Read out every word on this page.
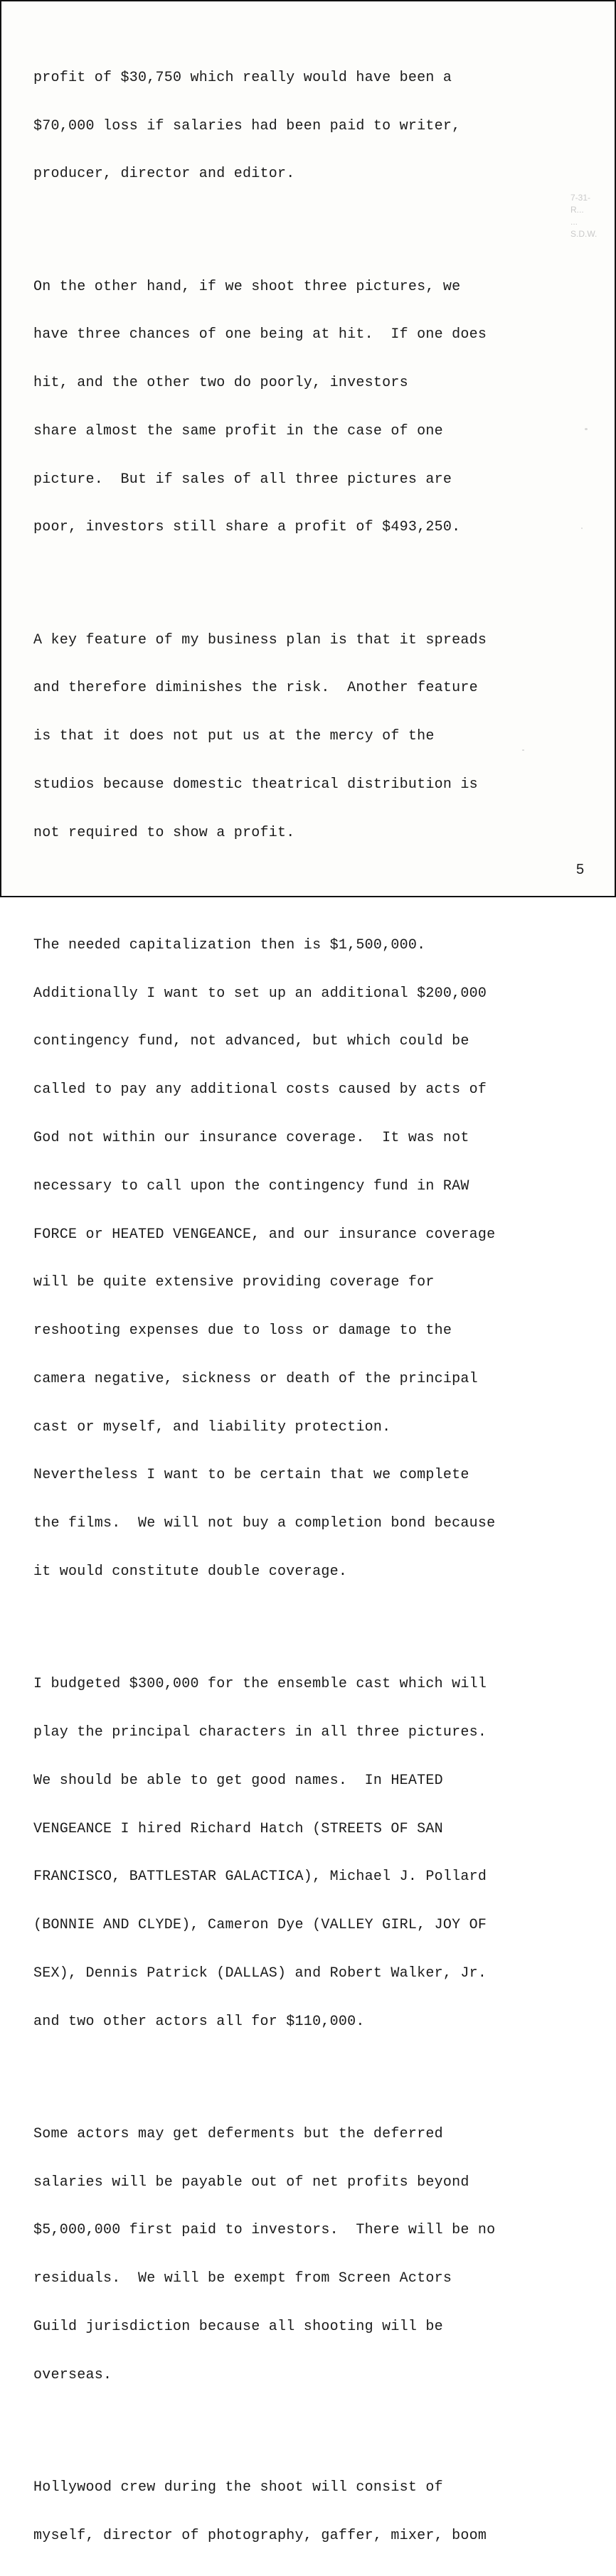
profit of $30,750 which really would have been a

$70,000 loss if salaries had been paid to writer,

producer, director and editor.

On the other hand, if we shoot three pictures, we

have three chances of one being at hit.  If one does

hit, and the other two do poorly, investors

share almost the same profit in the case of one

picture.  But if sales of all three pictures are

poor, investors still share a profit of $493,250.

A key feature of my business plan is that it spreads

and therefore diminishes the risk.  Another feature

is that it does not put us at the mercy of the

studios because domestic theatrical distribution is

not required to show a profit.

The needed capitalization then is $1,500,000.

Additionally I want to set up an additional $200,000

contingency fund, not advanced, but which could be

called to pay any additional costs caused by acts of

God not within our insurance coverage.  It was not

necessary to call upon the contingency fund in RAW

FORCE or HEATED VENGEANCE, and our insurance coverage

will be quite extensive providing coverage for

reshooting expenses due to loss or damage to the

camera negative, sickness or death of the principal

cast or myself, and liability protection.

Nevertheless I want to be certain that we complete

the films.  We will not buy a completion bond because

it would constitute double coverage.

I budgeted $300,000 for the ensemble cast which will

play the principal characters in all three pictures.

We should be able to get good names.  In HEATED

VENGEANCE I hired Richard Hatch (STREETS OF SAN

FRANCISCO, BATTLESTAR GALACTICA), Michael J. Pollard

(BONNIE AND CLYDE), Cameron Dye (VALLEY GIRL, JOY OF

SEX), Dennis Patrick (DALLAS) and Robert Walker, Jr.

and two other actors all for $110,000.

Some actors may get deferments but the deferred

salaries will be payable out of net profits beyond

$5,000,000 first paid to investors.  There will be no

residuals.  We will be exempt from Screen Actors

Guild jurisdiction because all shooting will be

overseas.

Hollywood crew during the shoot will consist of

myself, director of photography, gaffer, mixer, boom

7-31-
R...
...
S.D.W.
5
